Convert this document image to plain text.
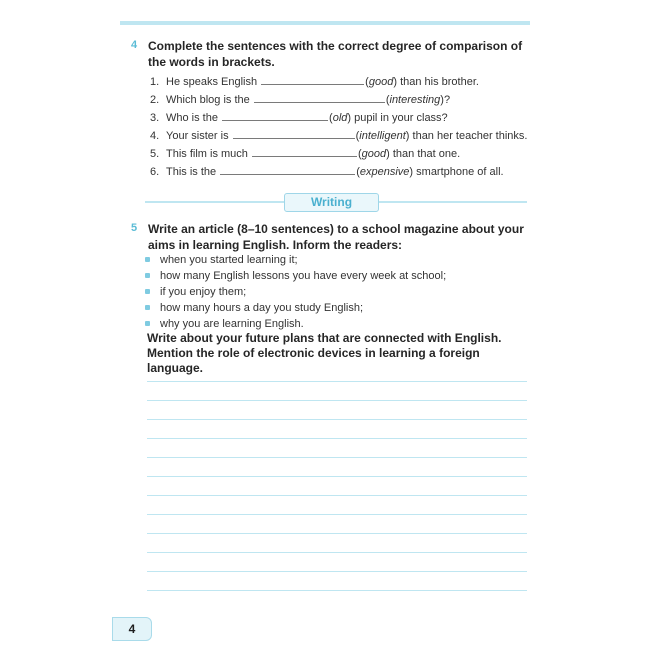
4 Complete the sentences with the correct degree of comparison of the words in brackets.
1. He speaks English	(good) than his brother.
2. Which blog is the	(interesting)?
3. Who is the	(old) pupil in your class?
4. Your sister is	(intelligent) than her teacher thinks.
5. This film is much	(good) than that one.
6. This is the	(expensive) smartphone of all.
Writing
5 Write an article (8–10 sentences) to a school magazine about your aims in learning English. Inform the readers:
when you started learning it;
how many English lessons you have every week at school;
if you enjoy them;
how many hours a day you study English;
why you are learning English.
Write about your future plans that are connected with English. Mention the role of electronic devices in learning a foreign language.
4
